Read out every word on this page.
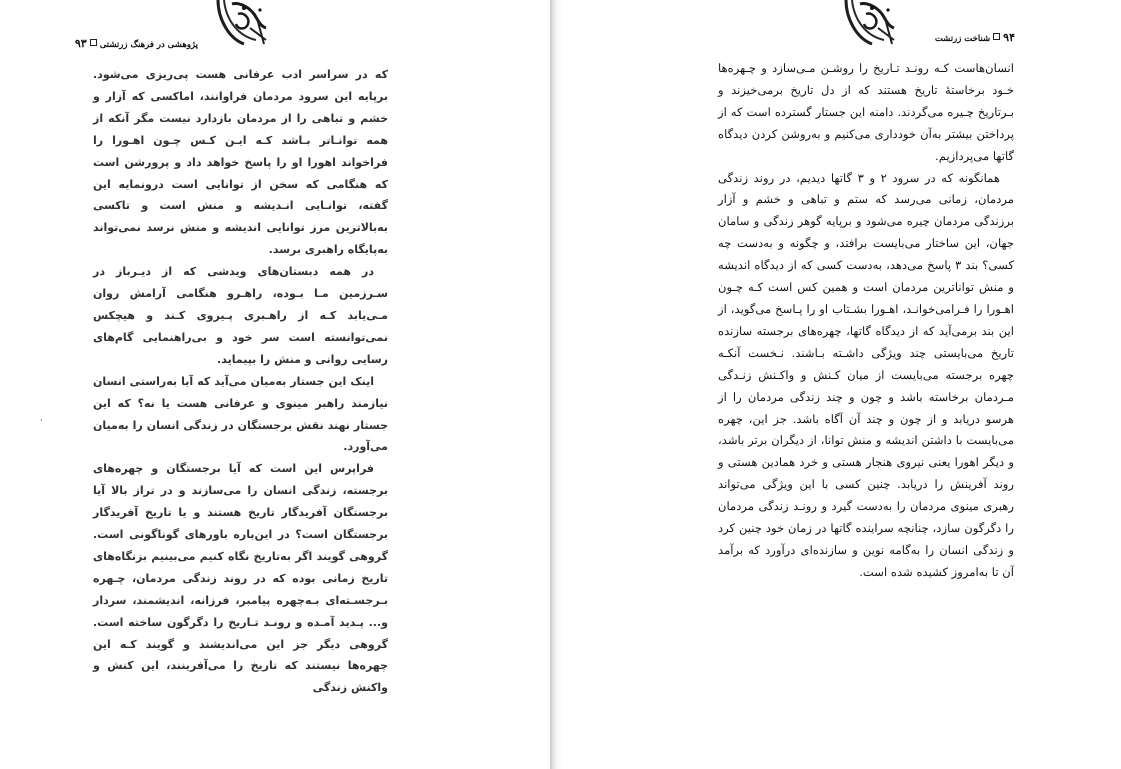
پژوهشی در فرهنگ زرتشتی۹۳

که در سراسر ادب عرفانی هست پی‌ریزی می‌شود. برپایه این سرود مردمان فراوانند، اماکسی که آزار و خشم و تباهی را از مردمان بازدارد نیست مگر آنکه از همه توانـاتر بـاشد کـه ایـن کـس چـون اهـورا را فراخواند اهورا او را پاسخ خواهد داد و پرورشن است که هنگامی که سخن از توانایی است درونمایه این گفته، توانـایی انـدیشه و منش است و تاکسی به‌بالاترین مرز توانایی اندیشه و منش نرسد نمی‌تواند به‌پایگاه راهبری برسد.

در همه دبستان‌های ویدشی که از دیـرباز در سـرزمین مـا بـوده، راهـرو هنگامی آرامش روان مـی‌یابد کـه از راهـبری پـیروی کـند و هیچکس نمی‌توانسته است سر خود و بی‌راهنمایی گام‌های رسایی روانی و منش را بپیماید.

اینک این جستار به‌میان می‌آید که آیا به‌راستی انسان نیازمند راهبر مینوی و عرفانی هست یا نه؟ که این جستار نهند نقش برجستگان در زندگی انسان را به‌میان می‌آورد.

فراپرس این است که آیا برجستگان و چهره‌های برجسته، زندگی انسان را می‌سازند و در تراز بالا آیا برجستگان آفریدگار تاریخ هستند و یا تاریخ آفریدگار برجستگان است؟ در این‌باره باورهای گوناگونی است. گروهی گویند اگر به‌تاریخ نگاه کنیم می‌بینیم بزنگاه‌های تاریخ زمانی بوده که در روند زندگی مردمان، چـهره بـرجسـته‌ای بـه‌چهره پیامبر، فرزانه، اندیشمند، سردار و... پـدید آمـده و رونـد تـاریخ را دگرگون ساخته است. گروهی دیگر جز این می‌اندیشند و گویند کـه این چهره‌ها نیستند که تاریخ را می‌آفرینند، این کنش و واکنش زندگی

٬
۹۴شناخت زرتشت

انسان‌هاست کـه رونـد تـاریخ را روشـن مـی‌سازد و چـهره‌ها خـود برخاستهٔ تاریخ هستند که از دل تاریخ برمی‌خیزند و بـرتاریخ چـیره می‌گردند. دامنه این جستار گسترده است که از پرداختن بیشتر به‌آن خودداری می‌کنیم و به‌روشن کردن دیدگاه گاتها می‌پردازیم.

همانگونه که در سرود ۲ و ۳ گاتها دیدیم، در روند زندگی مردمان، زمانی می‌رسد که ستم و تباهی و خشم و آزار برزندگی مردمان چیره می‌شود و برپایه گوهر زندگی و سامان جهان، این ساختار می‌بایست برافتد، و چگونه و به‌دست چه کسی؟ بند ۳ پاسخ می‌دهد، به‌دست کسی که از دیدگاه اندیشه و منش تواناترین مردمان است و همین کس است کـه چـون اهـورا را فـرامی‌خوانـد، اهـورا بشـتاب او را پـاسخ می‌گوید، از این بند برمی‌آید که از دیدگاه گاتها، چهره‌های برجسته سازنده تاریخ می‌بایستی چند ویژگی داشـته بـاشند. نـخست آنکـه چهره برجسته می‌بایست از میان کـنش و واکـنش زنـدگی مـردمان برخاسته باشد و چون و چند زندگی مردمان را از هرسو دریابد و از چون و چند آن آگاه باشد. جز این، چهره می‌بایست با داشتن اندیشه و منش توانا، از دیگران برتر باشد، و دیگر اهورا یعنی نیروی هنجار هستی و خرد همادین هستی و روند آفرینش را دریابد. چنین کسی با این ویژگی می‌تواند رهبری مینوی مردمان را به‌دست گیرد و رونـد زندگی مردمان را دگرگون سازد، چنانچه سراینده گاتها در زمان خود چنین کرد و زندگی انسان را به‌گامه نوین و سازنده‌ای درآورد که برآمد آن تا به‌امروز کشیده شده است.
